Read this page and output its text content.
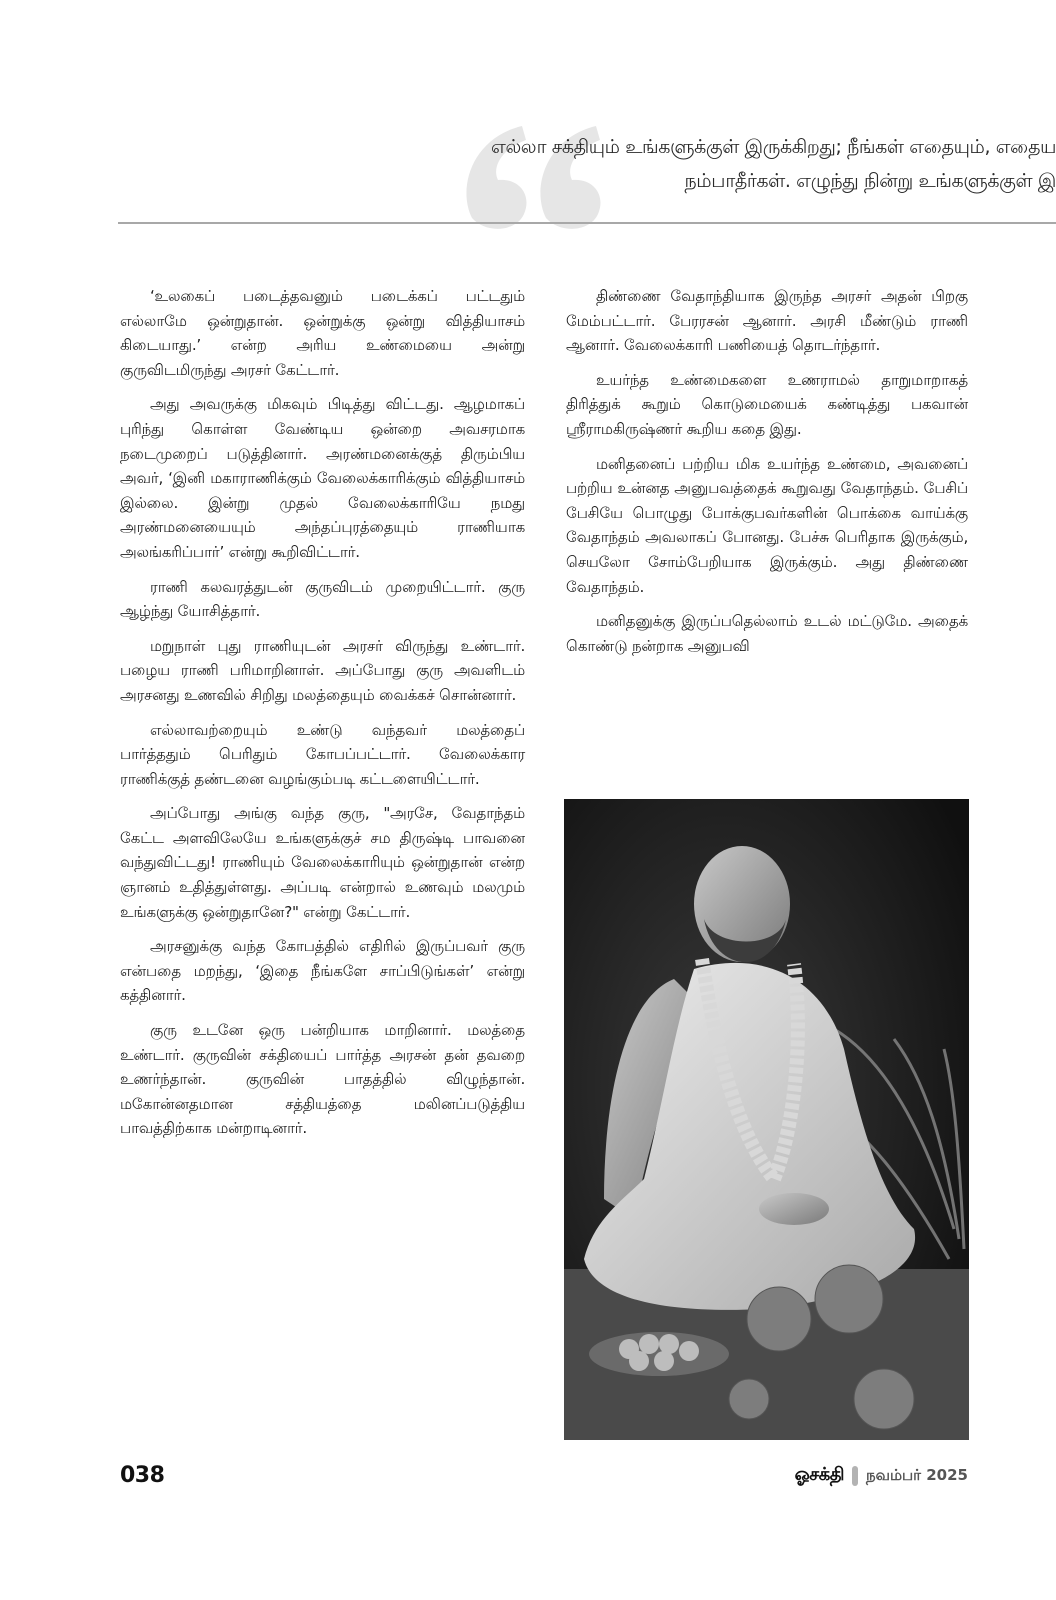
எல்லா சக்தியும் உங்களுக்குள் இருக்கிறது; நீங்கள் எதையும், எதைய
நம்பாதீர்கள். எழுந்து நின்று உங்களுக்குள் இ

‘உலகைப் படைத்தவனும் படைக்கப் பட்டதும் எல்லாமே ஒன்றுதான். ஒன்றுக்கு ஒன்று வித்தியாசம் கிடையாது.’ என்ற அரிய உண்மையை அன்று குருவிடமிருந்து அரசர் கேட்டார்.

அது அவருக்கு மிகவும் பிடித்து விட்டது. ஆழமாகப் புரிந்து கொள்ள வேண்டிய ஒன்றை அவசரமாக நடைமுறைப் படுத்தினார். அரண்மனைக்குத் திரும்பிய அவர், ‘இனி மகாராணிக்கும் வேலைக்காரிக்கும் வித்தியாசம் இல்லை. இன்று முதல் வேலைக்காரியே நமது அரண்மனையையும் அந்தப்புரத்தையும் ராணியாக அலங்கரிப்பார்’ என்று கூறிவிட்டார்.

ராணி கலவரத்துடன் குருவிடம் முறையிட்டார். குரு ஆழ்ந்து யோசித்தார்.

மறுநாள் புது ராணியுடன் அரசர் விருந்து உண்டார். பழைய ராணி பரிமாறினாள். அப்போது குரு அவளிடம் அரசனது உணவில் சிறிது மலத்தையும் வைக்கச் சொன்னார்.

எல்லாவற்றையும் உண்டு வந்தவர் மலத்தைப் பார்த்ததும் பெரிதும் கோபப்பட்டார். வேலைக்கார ராணிக்குத் தண்டனை வழங்கும்படி கட்டளையிட்டார்.

அப்போது அங்கு வந்த குரு, "அரசே, வேதாந்தம் கேட்ட அளவிலேயே உங்களுக்குச் சம திருஷ்டி பாவனை வந்துவிட்டது! ராணியும் வேலைக்காரியும் ஒன்றுதான் என்ற ஞானம் உதித்துள்ளது. அப்படி என்றால் உணவும் மலமும் உங்களுக்கு ஒன்றுதானே?" என்று கேட்டார்.

அரசனுக்கு வந்த கோபத்தில் எதிரில் இருப்பவர் குரு என்பதை மறந்து, ‘இதை நீங்களே சாப்பிடுங்கள்’ என்று கத்தினார்.

குரு உடனே ஒரு பன்றியாக மாறினார். மலத்தை உண்டார். குருவின் சக்தியைப் பார்த்த அரசன் தன் தவறை உணர்ந்தான். குருவின் பாதத்தில் விழுந்தான். மகோன்னதமான சத்தியத்தை மலினப்படுத்திய பாவத்திற்காக மன்றாடினார்.

திண்ணை வேதாந்தியாக இருந்த அரசர் அதன் பிறகு மேம்பட்டார். பேரரசன் ஆனார். அரசி மீண்டும் ராணி ஆனார். வேலைக்காரி பணியைத் தொடர்ந்தார்.

உயர்ந்த உண்மைகளை உணராமல் தாறுமாறாகத் திரித்துக் கூறும் கொடுமையைக் கண்டித்து பகவான் ஸ்ரீராமகிருஷ்ணர் கூறிய கதை இது.

மனிதனைப் பற்றிய மிக உயர்ந்த உண்மை, அவனைப் பற்றிய உன்னத அனுபவத்தைக் கூறுவது வேதாந்தம். பேசிப் பேசியே பொழுது போக்குபவர்களின் பொக்கை வாய்க்கு வேதாந்தம் அவலாகப் போனது. பேச்சு பெரிதாக இருக்கும், செயலோ சோம்பேறியாக இருக்கும். அது திண்ணை வேதாந்தம்.

மனிதனுக்கு இருப்பதெல்லாம் உடல் மட்டுமே. அதைக் கொண்டு நன்றாக அனுபவி

038	ஓசக்தி நவம்பர் 2025
